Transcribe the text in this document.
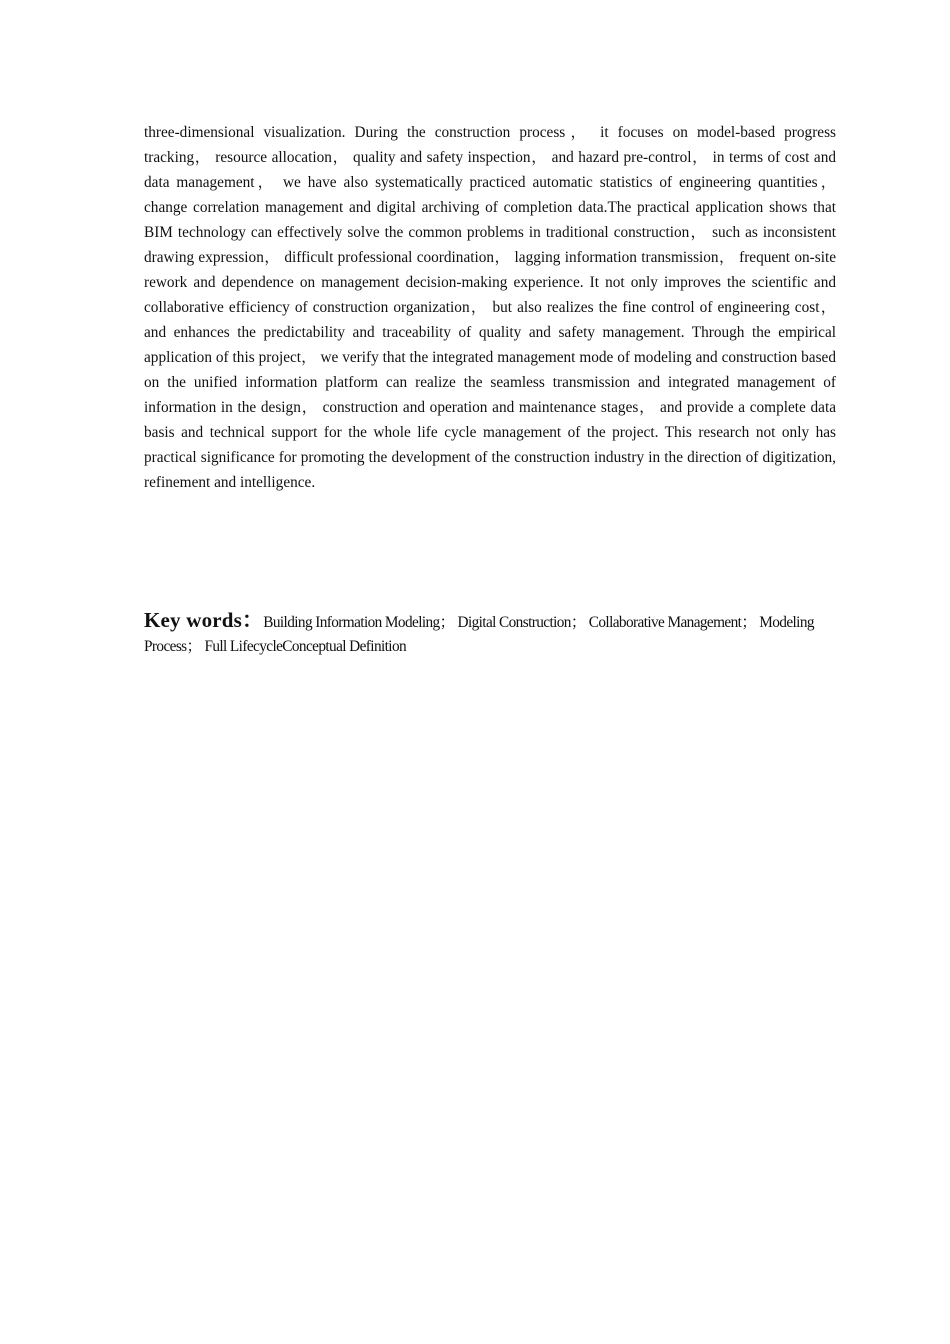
three-dimensional visualization. During the construction process， it focuses on model-based progress tracking， resource allocation， quality and safety inspection， and hazard pre-control， in terms of cost and data management， we have also systematically practiced automatic statistics of engineering quantities， change correlation management and digital archiving of completion data.The practical application shows that BIM technology can effectively solve the common problems in traditional construction， such as inconsistent drawing expression， difficult professional coordination， lagging information transmission， frequent on-site rework and dependence on management decision-making experience. It not only improves the scientific and collaborative efficiency of construction organization， but also realizes the fine control of engineering cost， and enhances the predictability and traceability of quality and safety management. Through the empirical application of this project， we verify that the integrated management mode of modeling and construction based on the unified information platform can realize the seamless transmission and integrated management of information in the design， construction and operation and maintenance stages， and provide a complete data basis and technical support for the whole life cycle management of the project. This research not only has practical significance for promoting the development of the construction industry in the direction of digitization, refinement and intelligence.

Key words：Building Information Modeling； Digital Construction； Collaborative Management； Modeling Process； Full LifecycleConceptual Definition
